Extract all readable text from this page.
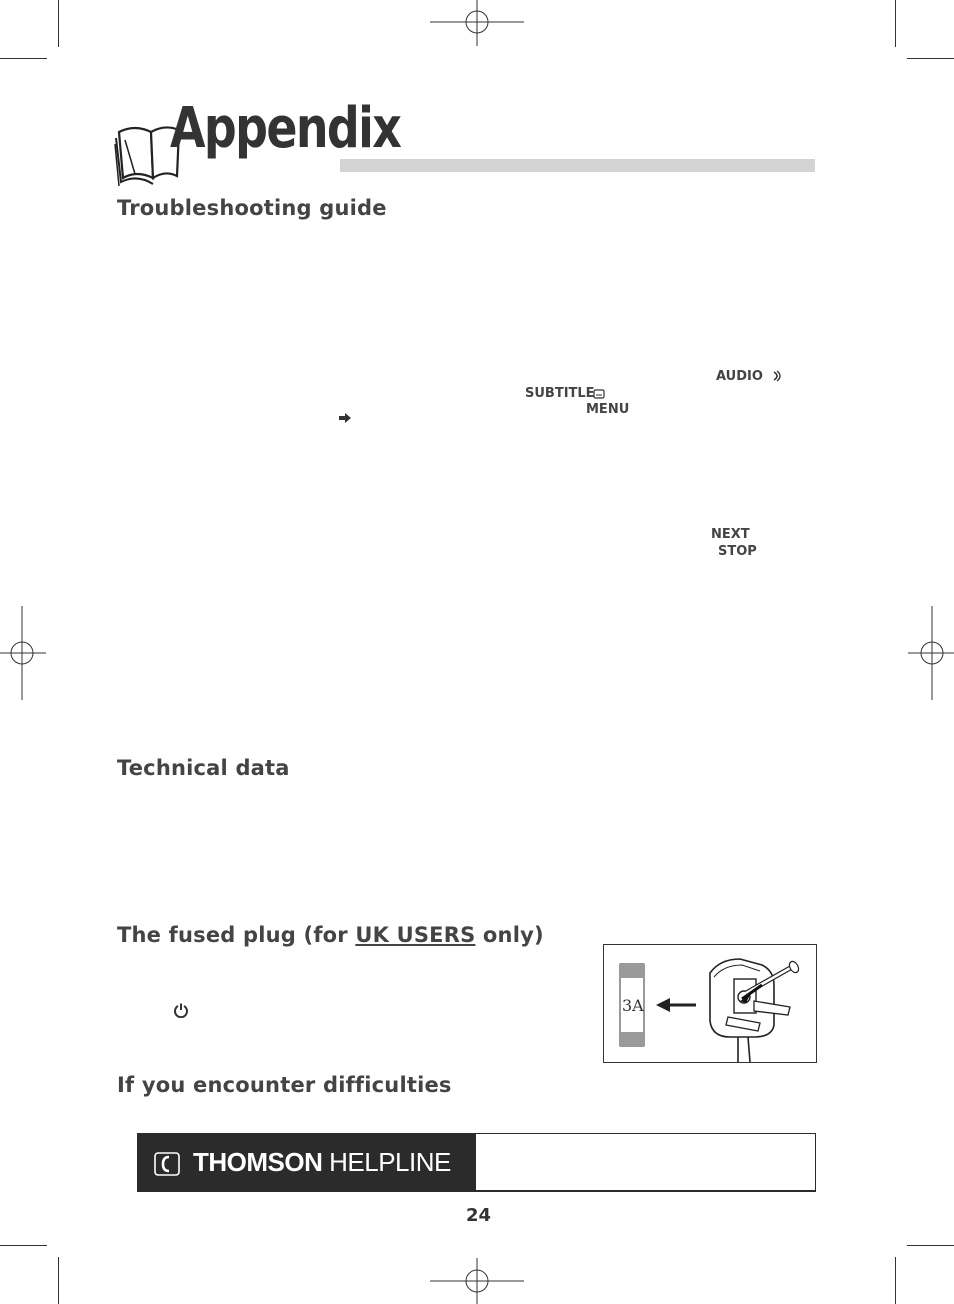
Appendix
Troubleshooting guide
AUDIO
SUBTITLE
MENU
NEXT
STOP
Technical data
The fused plug (for UK USERS only)
3A
If you encounter difficulties
THOMSON HELPLINE
24
